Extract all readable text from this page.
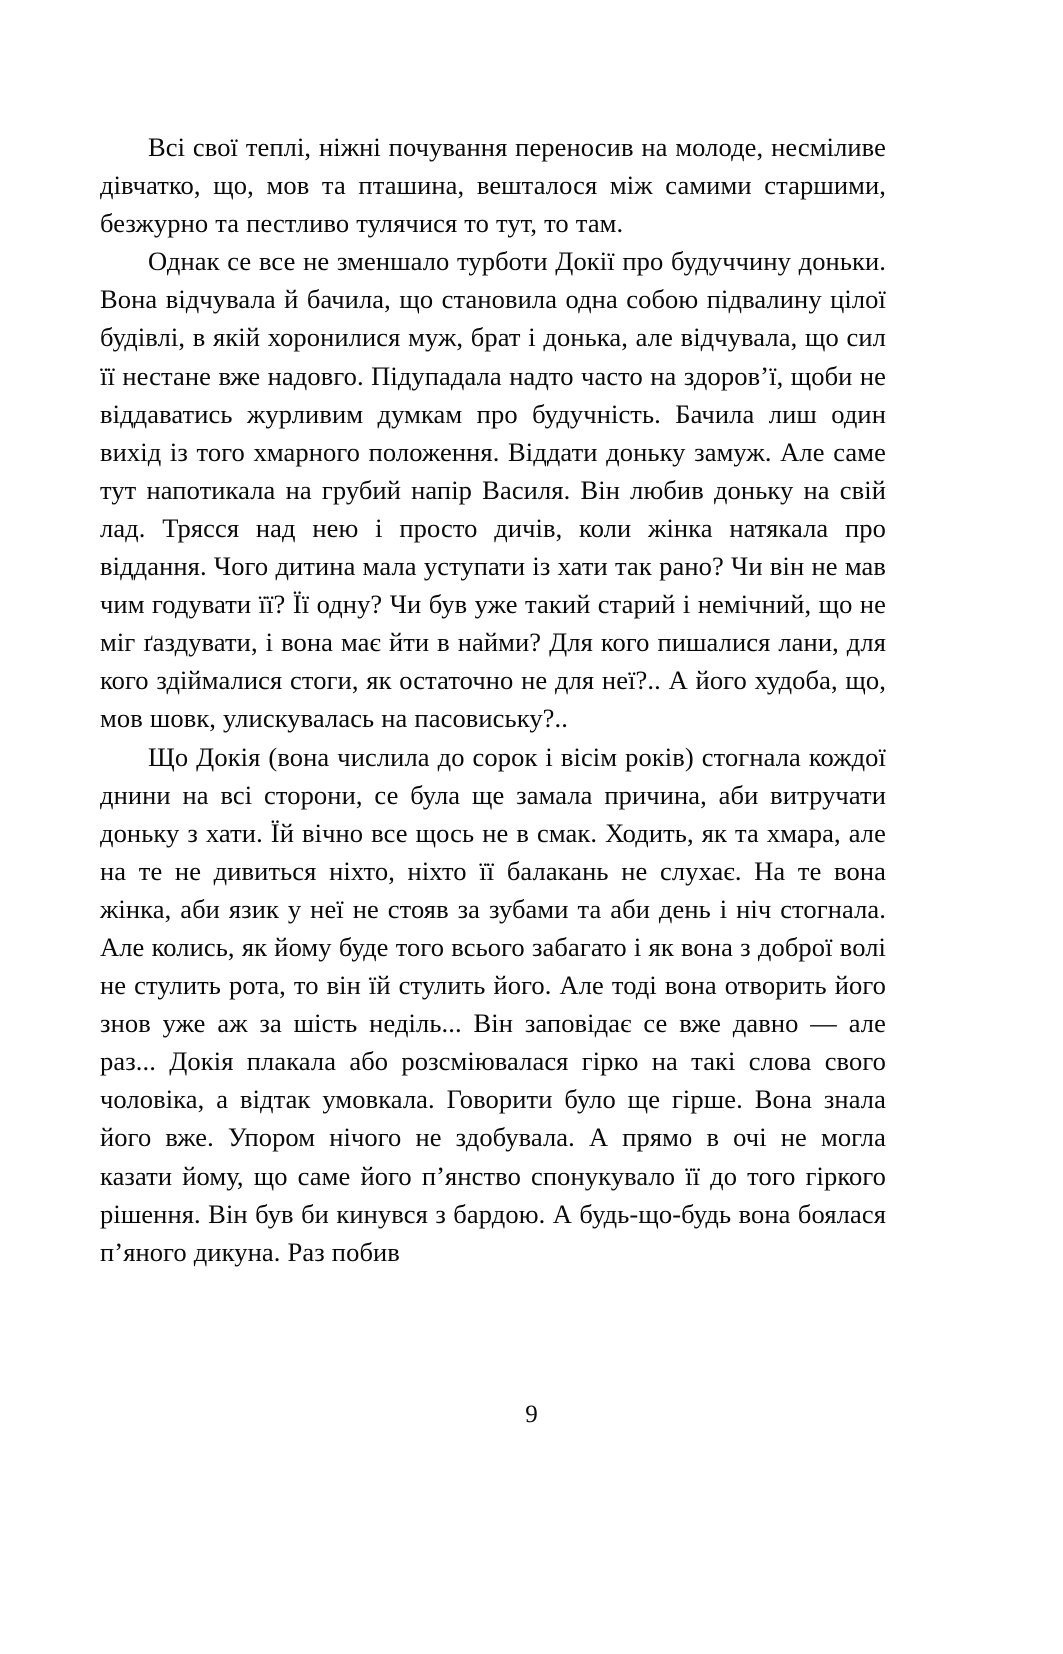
Всі свої теплі, ніжні почування переносив на молоде, несміливе дівчатко, що, мов та пташина, вешталося між самими старшими, безжурно та пестливо тулячися то тут, то там.

Однак се все не зменшало турботи Докії про будуччину доньки. Вона відчувала й бачила, що становила одна собою підвалину цілої будівлі, в якій хоронилися муж, брат і донька, але відчувала, що сил її нестане вже надовго. Підупадала надто часто на здоров’ї, щоби не віддаватись журливим думкам про будучність. Бачила лиш один вихід із того хмарного положення. Віддати доньку замуж. Але саме тут напотикала на грубий напір Василя. Він любив доньку на свій лад. Трясся над нею і просто дичів, коли жінка натякала про віддання. Чого дитина мала уступати із хати так рано? Чи він не мав чим годувати її? Її одну? Чи був уже такий старий і немічний, що не міг ґаздувати, і вона має йти в найми? Для кого пишалися лани, для кого здіймалися стоги, як остаточно не для неї?.. А його худоба, що, мов шовк, улискувалась на пасовиську?..

Що Докія (вона числила до сорок і вісім років) стогнала кождої днини на всі сторони, се була ще замала причина, аби витручати доньку з хати. Їй вічно все щось не в смак. Ходить, як та хмара, але на те не дивиться ніхто, ніхто її балакань не слухає. На те вона жінка, аби язик у неї не стояв за зубами та аби день і ніч стогнала. Але колись, як йому буде того всього забагато і як вона з доброї волі не стулить рота, то він їй стулить його. Але тоді вона отворить його знов уже аж за шість неділь... Він заповідає се вже давно — але раз... Докія плакала або розсміювалася гірко на такі слова свого чоловіка, а відтак умовкала. Говорити було ще гірше. Вона знала його вже. Упором нічого не здобувала. А прямо в очі не могла казати йому, що саме його п’янство спонукувало її до того гіркого рішення. Він був би кинувся з бардою. А будь-що-будь вона боялася п’яного дикуна. Раз побив

9
